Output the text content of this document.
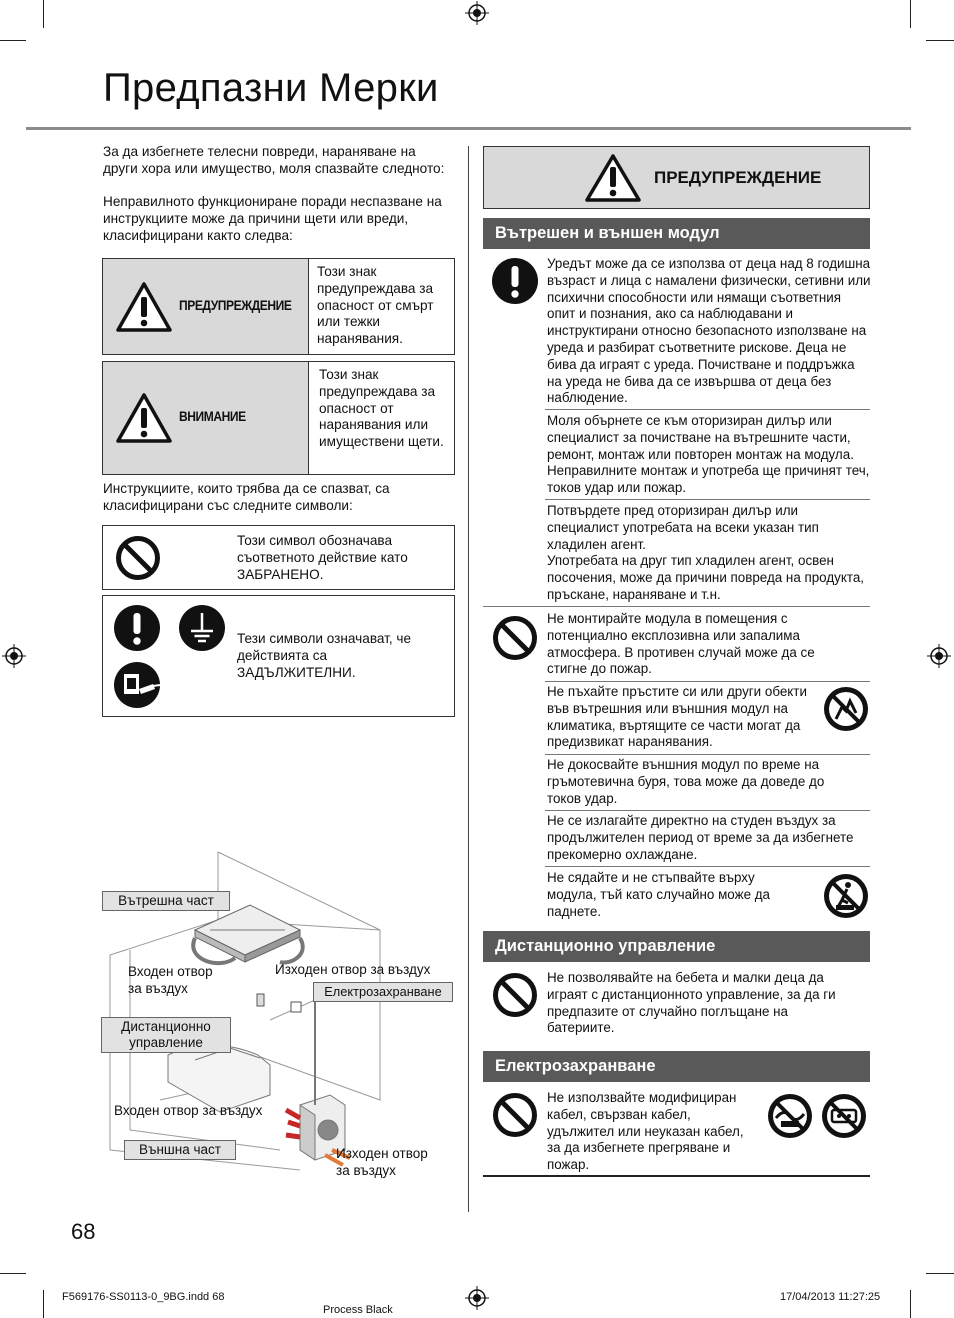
Предпазни Мерки
За да избегнете телесни повреди, нараняване на други хора или имущество, моля спазвайте следното:
Неправилното функциониране поради неспазване на инструкциите може да причини щети или вреди, класифицирани както следва:
ПРЕДУПРЕЖДЕНИЕ
Този знак предупреждава за опасност от смърт или тежки наранявания.
ВНИМАНИЕ
Този знак предупреждава за опасност от наранявания или имуществени щети.
Инструкциите, които трябва да се спазват, са класифицирани със следните символи:
Този символ обозначава съответното действие като ЗАБРАНЕНО.
Тези символи означават, че действията са ЗАДЪЛЖИТЕЛНИ.
Вътрешна част
Входен отвор
за въздух
Изходен отвор за въздух
Електрозахранване
Дистанционно
управление
Входен отвор за въздух
Външна част	Изходен отвор
за въздух
68
ПРЕДУПРЕЖДЕНИЕ
Вътрешен и външен модул
Уредът може да се използва от деца над 8 годишна възраст и лица с намалени физически, сетивни или психични способности или нямащи съответния опит и познания, ако са наблюдавани и инструктирани относно безопасното използване на уреда и разбират съответните рискове. Деца не бива да играят с уреда. Почистване и поддръжка на уреда не бива да се извършва от деца без наблюдение.
Моля обърнете се към оторизиран дилър или специалист за почистване на вътрешните части, ремонт, монтаж или повторен монтаж на модула. Неправилните монтаж и употреба ще причинят теч, токов удар или пожар.
Потвърдете пред оторизиран дилър или специалист употребата на всеки указан тип хладилен агент.
Употребата на друг тип хладилен агент, освен посочения, може да причини повреда на продукта, пръскане, нараняване и т.н.
Не монтирайте модула в помещения с потенциално експлозивна или запалима атмосфера. В противен случай може да се стигне до пожар.
Не пъхайте пръстите си или други обекти във вътрешния или външния модул на климатика, въртящите се части могат да предизвикат наранявания.
Не докосвайте външния модул по време на гръмотевична буря, това може да доведе до токов удар.
Не се излагайте директно на студен въздух за продължителен период от време за да избегнете прекомерно охлаждане.
Не сядайте и не стъпвайте върху модула, тъй като случайно може да паднете.
Дистанционно управление
Не позволявайте на бебета и малки деца да играят с дистанционното управление, за да ги предпазите от случайно поглъщане на батериите.
Електрозахранване
Не използвайте модифициран кабел, свързван кабел, удължител или неуказан кабел, за да избегнете прегряване и пожар.
F569176-SS0113-0_9BG.indd 68
Process Black
17/04/2013 11:27:25
